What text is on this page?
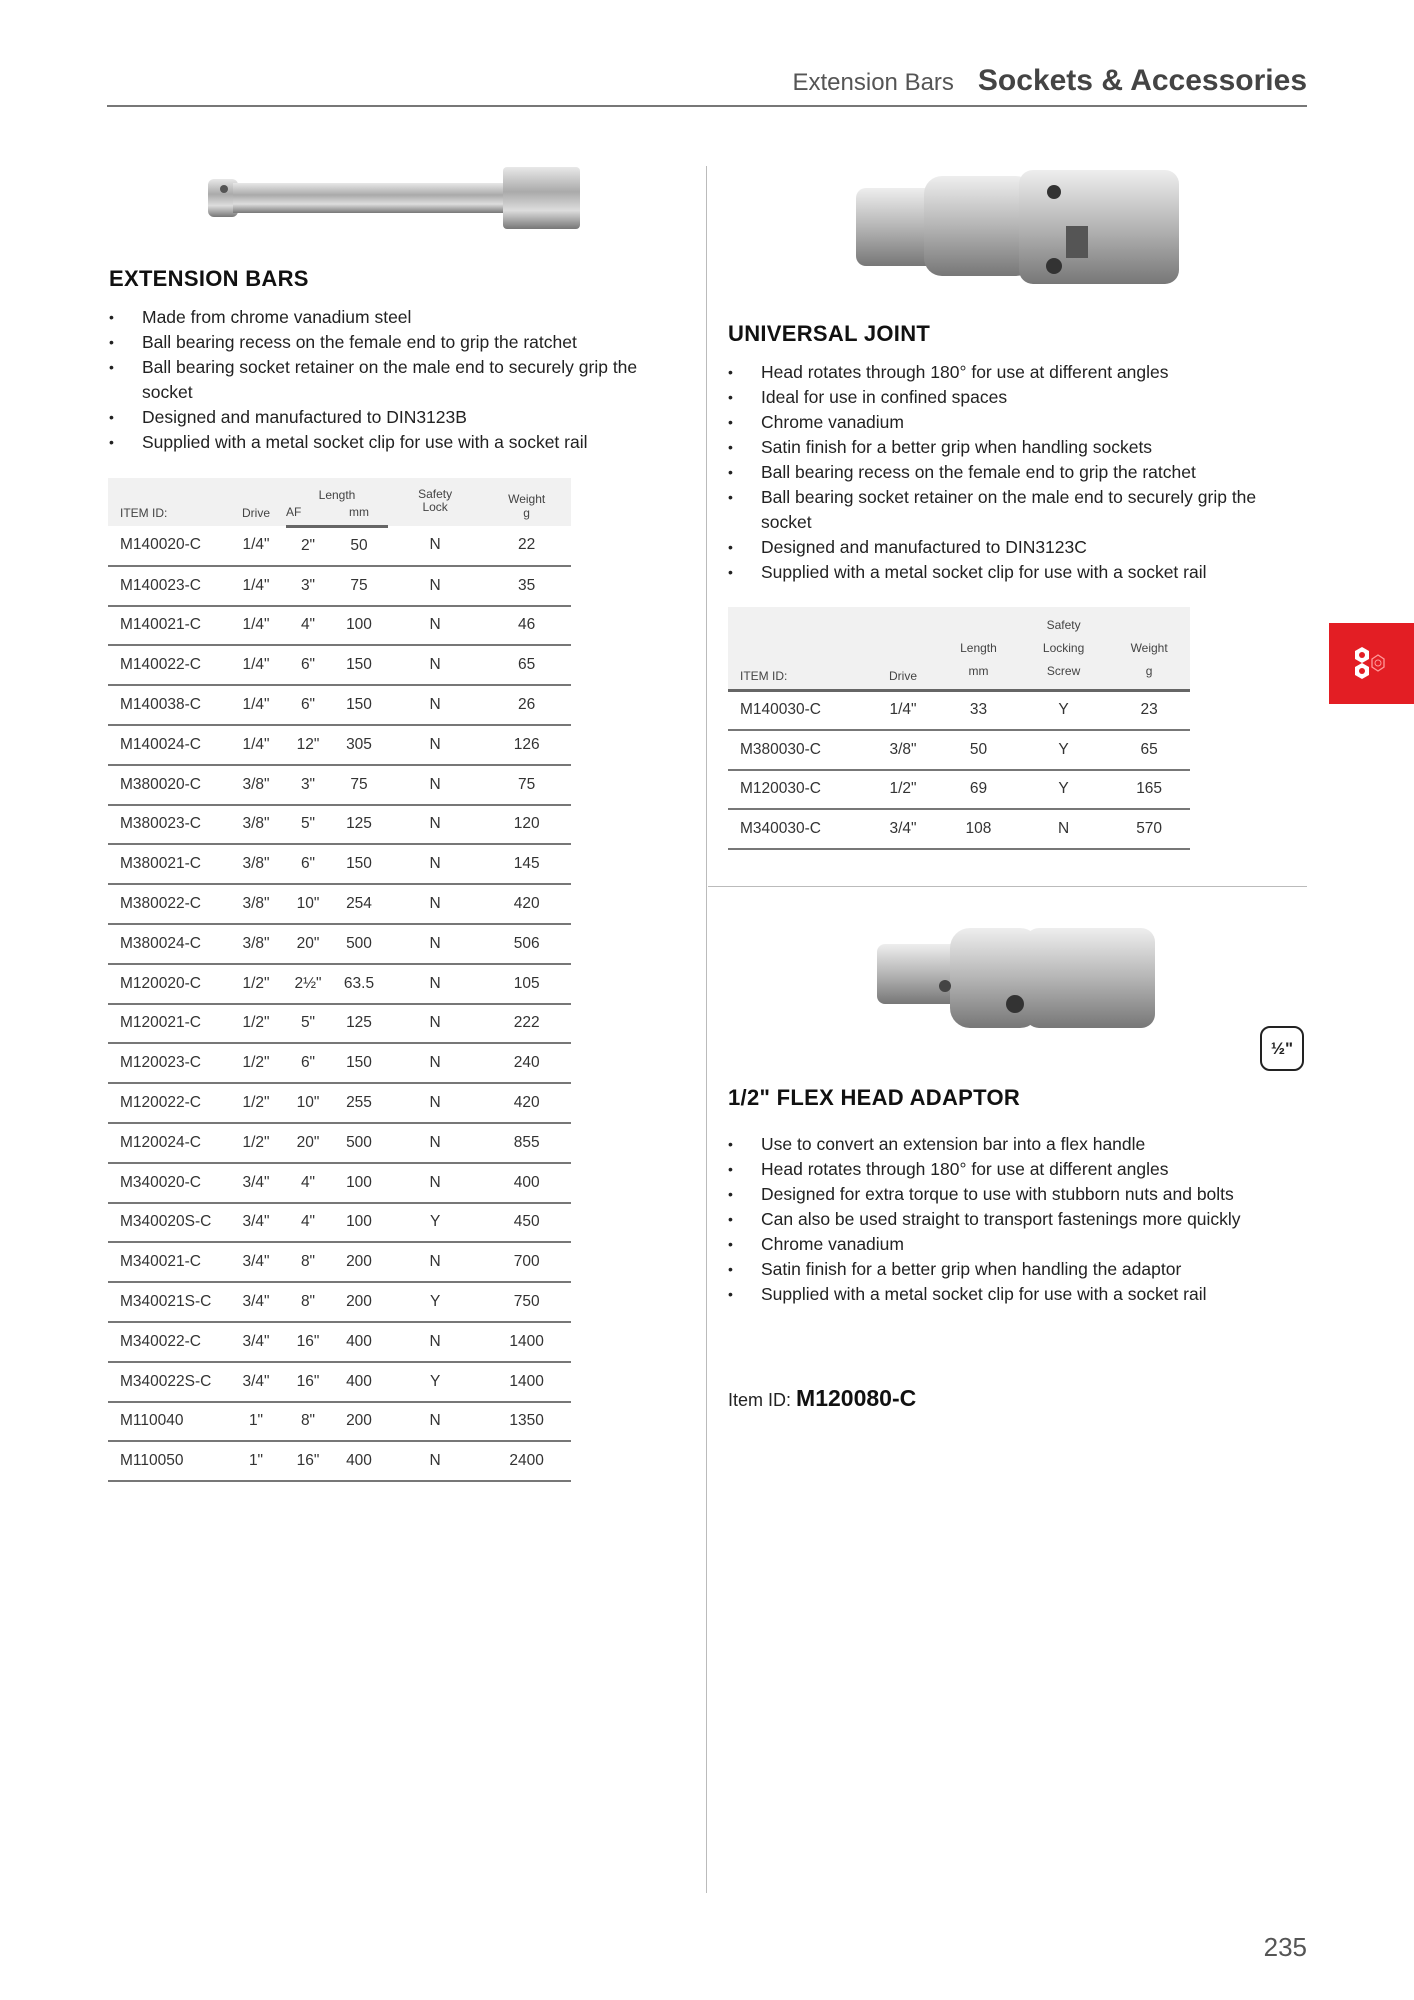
Extension Bars Sockets & Accessories
EXTENSION BARS
• Made from chrome vanadium steel
• Ball bearing recess on the female end to grip the ratchet
• Ball bearing socket retainer on the male end to securely grip the socket
• Designed and manufactured to DIN3123B
• Supplied with a metal socket clip for use with a socket rail
ITEM ID:	Drive	Length		Safety Lock	Weight
g
		AF	mm		
M140020-C	1/4"	2"	50	N	22
M140023-C	1/4"	3"	75	N	35
M140021-C	1/4"	4"	100	N	46
M140022-C	1/4"	6"	150	N	65
M140038-C	1/4"	6"	150	N	26
M140024-C	1/4"	12"	305	N	126
M380020-C	3/8"	3"	75	N	75
M380023-C	3/8"	5"	125	N	120
M380021-C	3/8"	6"	150	N	145
M380022-C	3/8"	10"	254	N	420
M380024-C	3/8"	20"	500	N	506
M120020-C	1/2"	2½"	63.5	N	105
M120021-C	1/2"	5"	125	N	222
M120023-C	1/2"	6"	150	N	240
M120022-C	1/2"	10"	255	N	420
M120024-C	1/2"	20"	500	N	855
M340020-C	3/4"	4"	100	N	400
M340020S-C	3/4"	4"	100	Y	450
M340021-C	3/4"	8"	200	N	700
M340021S-C	3/4"	8"	200	Y	750
M340022-C	3/4"	16"	400	N	1400
M340022S-C	3/4"	16"	400	Y	1400
M110040	1"	8"	200	N	1350
M110050	1"	16"	400	N	2400
UNIVERSAL JOINT
• Head rotates through 180° for use at different angles
• Ideal for use in confined spaces
• Chrome vanadium
• Satin finish for a better grip when handling sockets
• Ball bearing recess on the female end to grip the ratchet
• Ball bearing socket retainer on the male end to securely grip the socket
• Designed and manufactured to DIN3123C
• Supplied with a metal socket clip for use with a socket rail
ITEM ID:	Drive	Length
mm	Safety
Locking
Screw	Weight
g
M140030-C	1/4"	33	Y	23
M380030-C	3/8"	50	Y	65
M120030-C	1/2"	69	Y	165
M340030-C	3/4"	108	N	570
½"
1/2" FLEX HEAD ADAPTOR
• Use to convert an extension bar into a flex handle
• Head rotates through 180° for use at different angles
• Designed for extra torque to use with stubborn nuts and bolts
• Can also be used straight to transport fastenings more quickly
• Chrome vanadium
• Satin finish for a better grip when handling the adaptor
• Supplied with a metal socket clip for use with a socket rail
Item ID: M120080-C
235
